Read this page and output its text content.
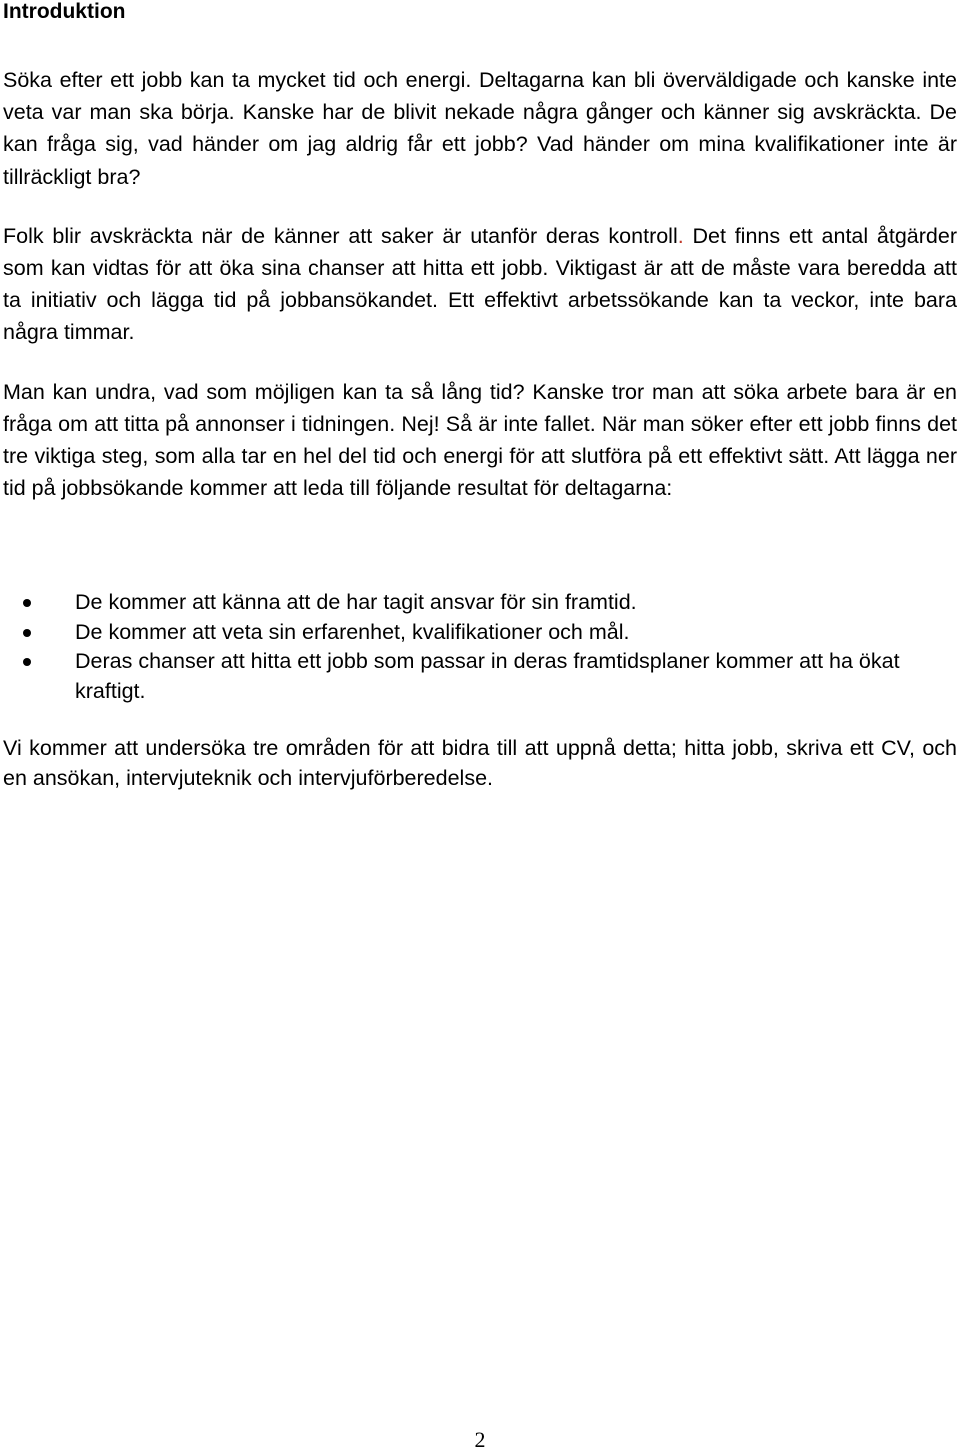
Introduktion

Söka efter ett jobb kan ta mycket tid och energi. Deltagarna kan bli överväldigade och kanske inte veta var man ska börja. Kanske har de blivit nekade några gånger och känner sig avskräckta. De kan fråga sig, vad händer om jag aldrig får ett jobb? Vad händer om mina kvalifikationer inte är tillräckligt bra?

Folk blir avskräckta när de känner att saker är utanför deras kontroll. Det finns ett antal åtgärder som kan vidtas för att öka sina chanser att hitta ett jobb. Viktigast är att de måste vara beredda att ta initiativ och lägga tid på jobbansökandet. Ett effektivt arbetssökande kan ta veckor, inte bara några timmar.

Man kan undra, vad som möjligen kan ta så lång tid? Kanske tror man att söka arbete bara är en fråga om att titta på annonser i tidningen. Nej! Så är inte fallet. När man söker efter ett jobb finns det tre viktiga steg, som alla tar en hel del tid och energi för att slutföra på ett effektivt sätt. Att lägga ner tid på jobbsökande kommer att leda till följande resultat för deltagarna:

De kommer att känna att de har tagit ansvar för sin framtid.
De kommer att veta sin erfarenhet, kvalifikationer och mål.
Deras chanser att hitta ett jobb som passar in deras framtidsplaner kommer att ha ökat kraftigt.

Vi kommer att undersöka tre områden för att bidra till att uppnå detta; hitta jobb, skriva ett CV, och en ansökan, intervjuteknik och intervjuförberedelse.

2
